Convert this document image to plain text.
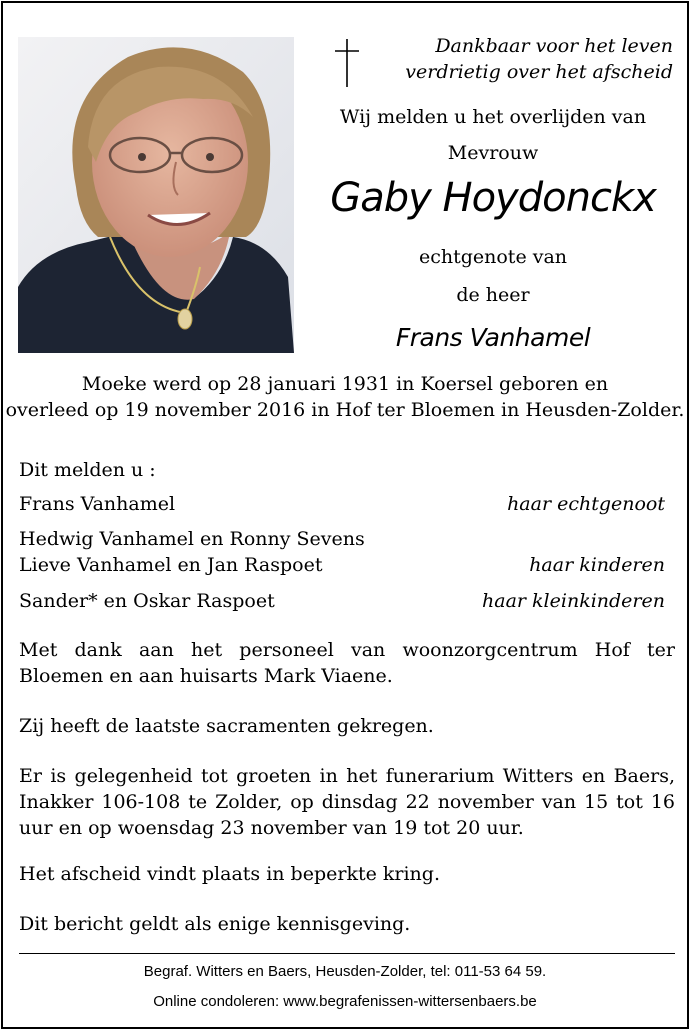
Dankbaar voor het leven
verdrietig over het afscheid
Wij melden u het overlijden van
Mevrouw
Gaby Hoydonckx
echtgenote van
de heer
Frans Vanhamel
Moeke werd op 28 januari 1931 in Koersel geboren en
overleed op 19 november 2016 in Hof ter Bloemen in Heusden-Zolder.
Dit melden u :
Frans Vanhamel	haar echtgenoot
Hedwig Vanhamel en Ronny Sevens
Lieve Vanhamel en Jan Raspoet	haar kinderen
Sander* en Oskar Raspoet	haar kleinkinderen
Met dank aan het personeel van woonzorgcentrum Hof ter Bloemen en aan huisarts Mark Viaene.
Zij heeft de laatste sacramenten gekregen.
Er is gelegenheid tot groeten in het funerarium Witters en Baers, Inakker 106-108 te Zolder, op dinsdag 22 november van 15 tot 16 uur en op woensdag 23 november van 19 tot 20 uur.
Het afscheid vindt plaats in beperkte kring.
Dit bericht geldt als enige kennisgeving.
Begraf. Witters en Baers, Heusden-Zolder, tel: 011-53 64 59.
Online condoleren: www.begrafenissen-wittersenbaers.be
